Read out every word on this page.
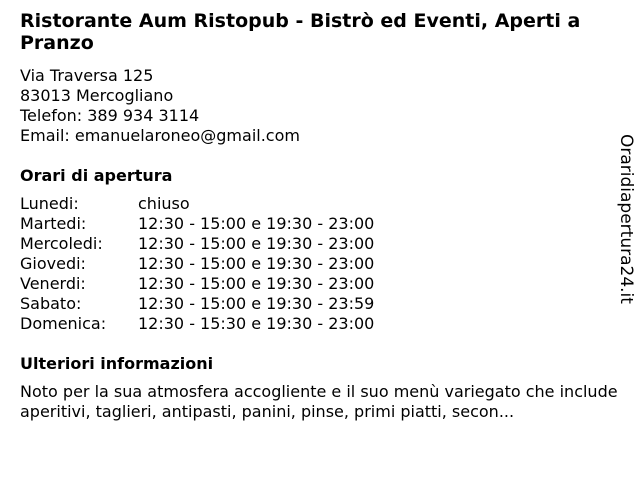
Ristorante Aum Ristopub - Bistrò ed Eventi, Aperti a Pranzo
Via Traversa 125
83013 Mercogliano
Telefon: 389 934 3114
Email: emanuelaroneo@gmail.com
Orari di apertura
Lunedi:	chiuso
Martedi:	12:30 - 15:00 e 19:30 - 23:00
Mercoledi:	12:30 - 15:00 e 19:30 - 23:00
Giovedi:	12:30 - 15:00 e 19:30 - 23:00
Venerdi:	12:30 - 15:00 e 19:30 - 23:00
Sabato:	12:30 - 15:00 e 19:30 - 23:59
Domenica:	12:30 - 15:30 e 19:30 - 23:00
Ulteriori informazioni
Noto per la sua atmosfera accogliente e il suo menù variegato che include aperitivi, taglieri, antipasti, panini, pinse, primi piatti, secon...
Oraridiapertura24.it
